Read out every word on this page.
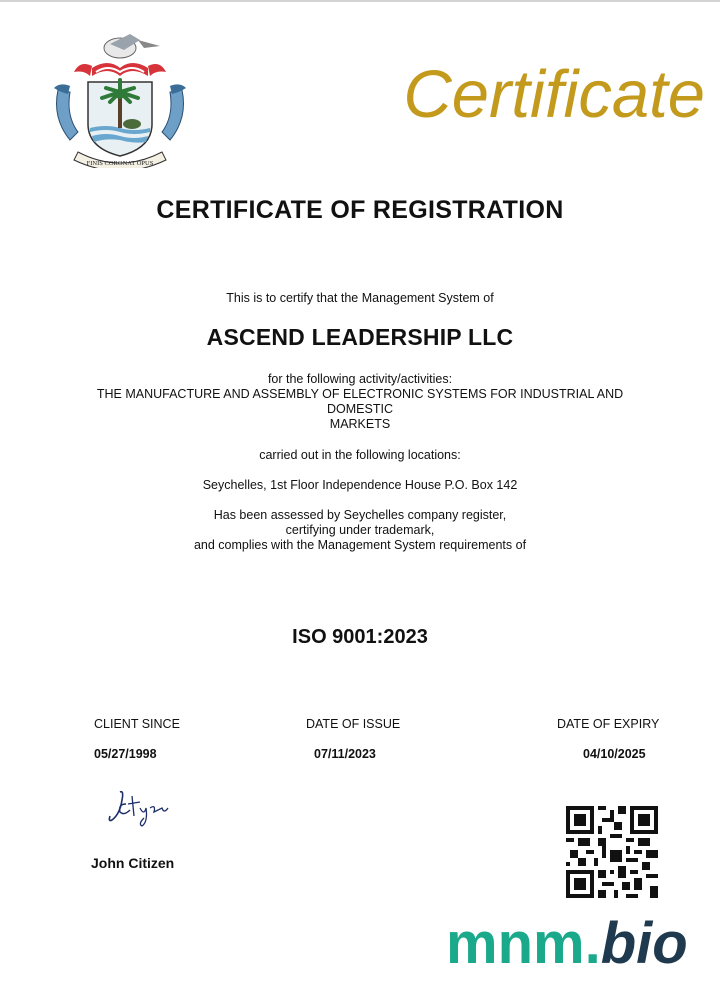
FINIS CORONAT OPUS
Certificate
CERTIFICATE OF REGISTRATION
This is to certify that the Management System of
ASCEND LEADERSHIP LLC
for the following activity/activities:
THE MANUFACTURE AND ASSEMBLY OF ELECTRONIC SYSTEMS FOR INDUSTRIAL AND
DOMESTIC
MARKETS
carried out in the following locations:
Seychelles, 1st Floor Independence House P.O. Box 142
Has been assessed by Seychelles company register,
certifying under trademark,
and complies with the Management System requirements of
ISO 9001:2023
CLIENT SINCE	DATE OF ISSUE	DATE OF EXPIRY
05/27/1998	07/11/2023	04/10/2025
John Citizen
mnm.bio
